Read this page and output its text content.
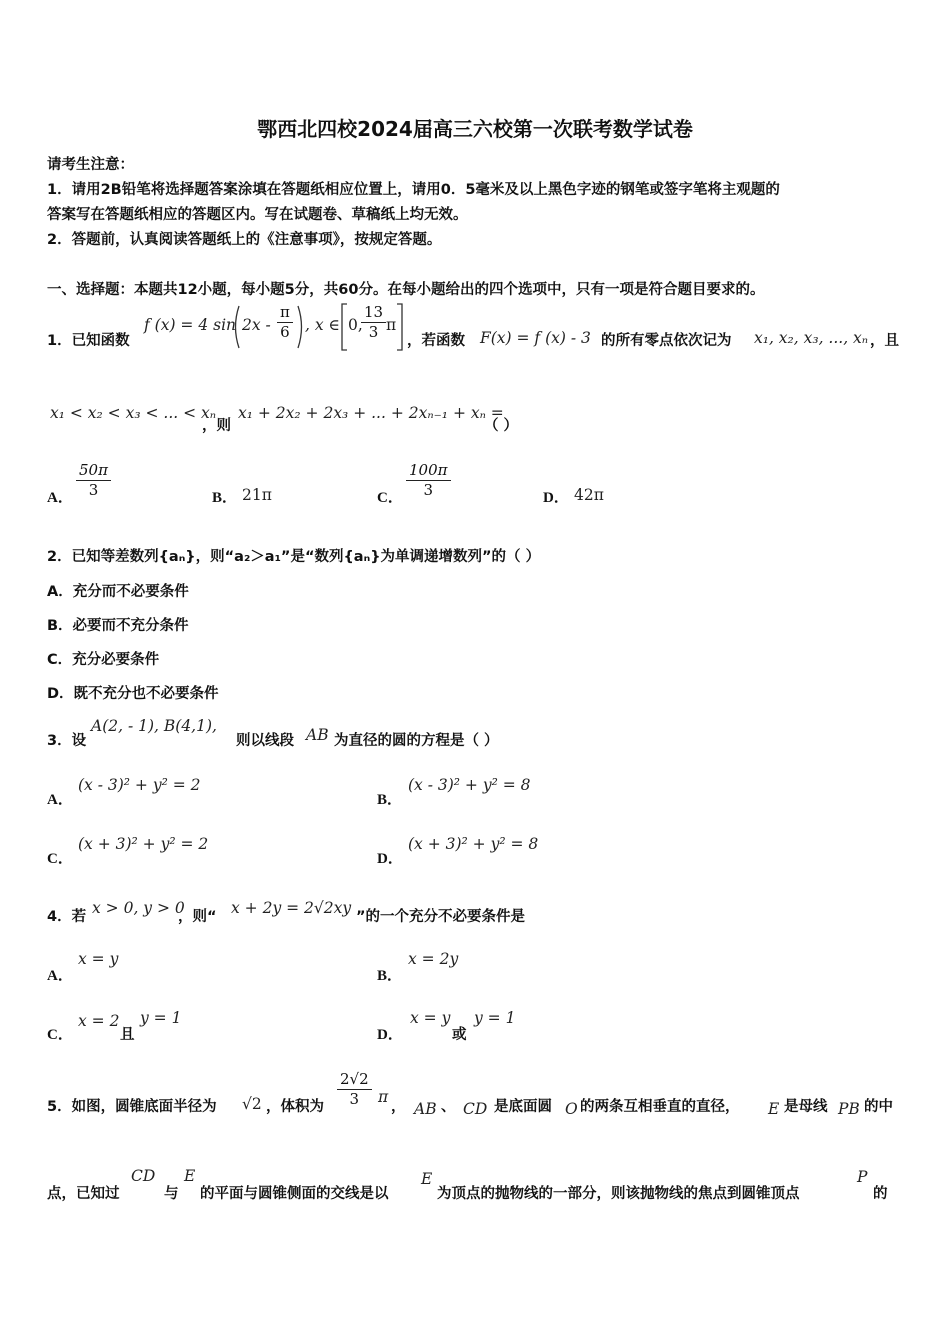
鄂西北四校2024届高三六校第一次联考数学试卷
请考生注意：
1．请用2B铅笔将选择题答案涂填在答题纸相应位置上，请用0．5毫米及以上黑色字迹的钢笔或签字笔将主观题的
答案写在答题纸相应的答题区内。写在试题卷、草稿纸上均无效。
2．答题前，认真阅读答题纸上的《注意事项》，按规定答题。
一、选择题：本题共12小题，每小题5分，共60分。在每小题给出的四个选项中，只有一项是符合题目要求的。
1．已知函数
f (x) = 4 $\sin 2x - \frac{\pi}{6}$ , x ∈ 0,
$\frac{13}{3}$ π
，若函数 F(x) = f (x) - 3 的所有零点依次记为 x₁, x₂, x₃, ..., xₙ ，且
x₁ < x₂ < x₃ < ... < xₙ
，则
x₁ + 2x₂ + 2x₃ + ... + 2xₙ₋₁ + xₙ =
（ ）
A． $\frac{50\pi}{3}$	B． 21π	C． $\frac{100\pi}{3}$	D． 42π
2．已知等差数列{aₙ}，则“a₂＞a₁”是“数列{aₙ}为单调递增数列”的（ ）
A．充分而不必要条件
B．必要而不充分条件
C．充分必要条件
D．既不充分也不必要条件
3．设
A(2, - 1), B(4,1),
则以线段 AB 为直径的圆的方程是（ ）
A．
(x - 3)² + y² = 2
B．
(x - 3)² + y² = 8
C．
(x + 3)² + y² = 2
D．
(x + 3)² + y² = 8
4．若 x > 0, y > 0
，则“ x + 2y = 2√2xy ”的一个充分不必要条件是
A．
x = y
B．
x = 2y
C．
x = 2
且
y = 1
D．
x = y
或
y = 1
5．如图，圆锥底面半径为 √2 ，体积为 $\frac{2√2}{3}$ π
， AB 、 CD 是底面圆 O 的两条互相垂直的直径， E 是母线 PB 的中
点，已知过
CD
与
E
的平面与圆锥侧面的交线是以
E
为顶点的抛物线的一部分，则该抛物线的焦点到圆锥顶点
P
的
